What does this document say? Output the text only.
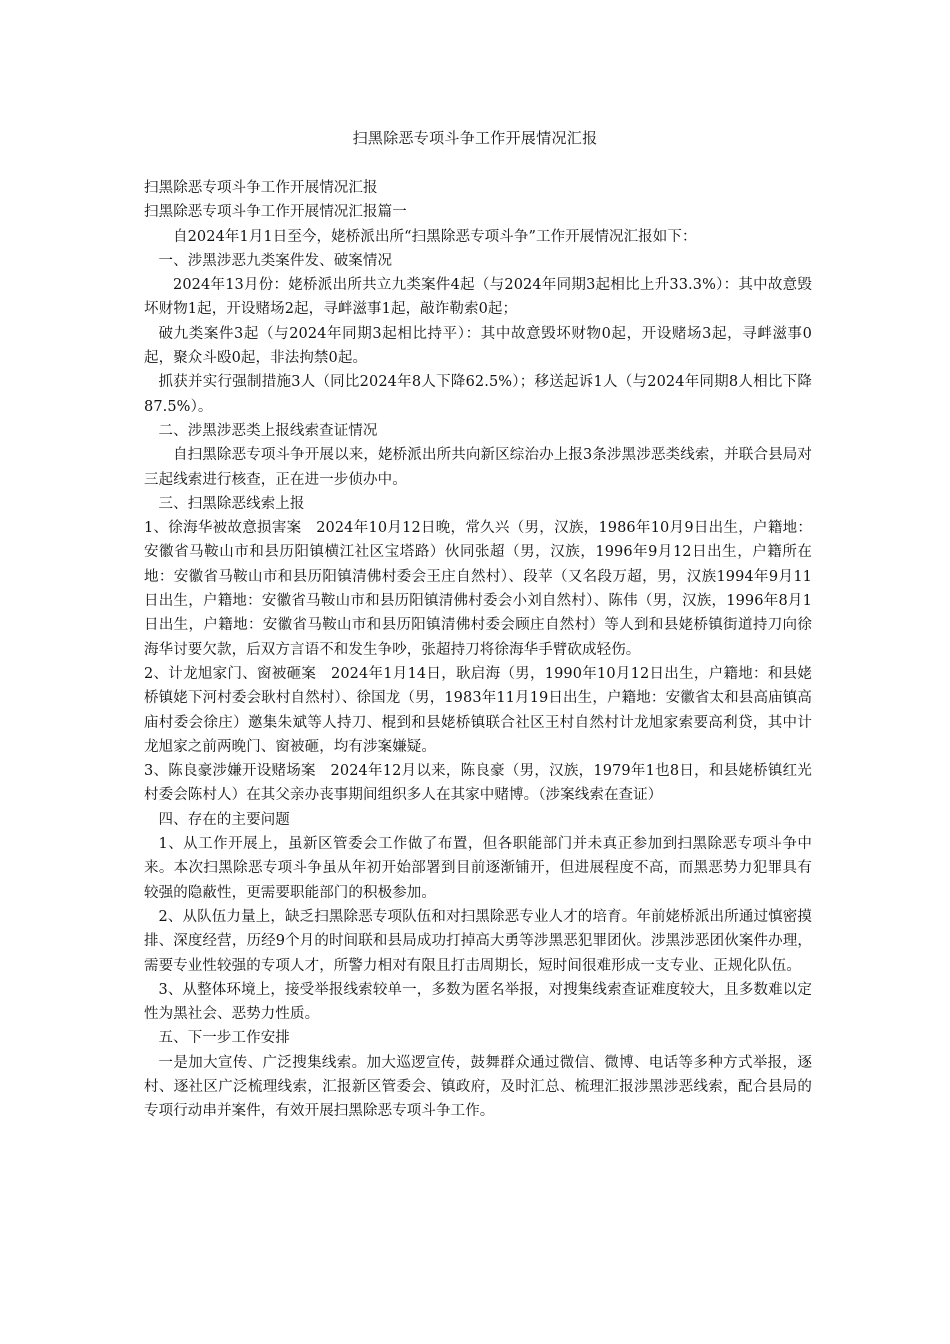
扫黑除恶专项斗争工作开展情况汇报

扫黑除恶专项斗争工作开展情况汇报

扫黑除恶专项斗争工作开展情况汇报篇一

自2024年1月1日至今，姥桥派出所“扫黑除恶专项斗争”工作开展情况汇报如下：

一、涉黑涉恶九类案件发、破案情况

2024年13月份：姥桥派出所共立九类案件4起（与2024年同期3起相比上升33.3%）：其中故意毁坏财物1起，开设赌场2起，寻衅滋事1起，敲诈勒索0起；

破九类案件3起（与2024年同期3起相比持平）：其中故意毁坏财物0起，开设赌场3起，寻衅滋事0起，聚众斗殴0起，非法拘禁0起。

抓获并实行强制措施3人（同比2024年8人下降62.5%）；移送起诉1人（与2024年同期8人相比下降87.5%）。

二、涉黑涉恶类上报线索查证情况

自扫黑除恶专项斗争开展以来，姥桥派出所共向新区综治办上报3条涉黑涉恶类线索，并联合县局对三起线索进行核查，正在进一步侦办中。

三、扫黑除恶线索上报

1、徐海华被故意损害案　2024年10月12日晚，常久兴（男，汉族，1986年10月9日出生，户籍地：安徽省马鞍山市和县历阳镇横江社区宝塔路）伙同张超（男，汉族，1996年9月12日出生，户籍所在地：安徽省马鞍山市和县历阳镇清佛村委会王庄自然村）、段苹（又名段万超，男，汉族1994年9月11日出生，户籍地：安徽省马鞍山市和县历阳镇清佛村委会小刘自然村）、陈伟（男，汉族，1996年8月1日出生，户籍地：安徽省马鞍山市和县历阳镇清佛村委会顾庄自然村）等人到和县姥桥镇街道持刀向徐海华讨要欠款，后双方言语不和发生争吵，张超持刀将徐海华手臂砍成轻伤。

2、计龙旭家门、窗被砸案　2024年1月14日，耿启海（男，1990年10月12日出生，户籍地：和县姥桥镇姥下河村委会耿村自然村）、徐国龙（男，1983年11月19日出生，户籍地：安徽省太和县高庙镇高庙村委会徐庄）邀集朱斌等人持刀、棍到和县姥桥镇联合社区王村自然村计龙旭家索要高利贷，其中计龙旭家之前两晚门、窗被砸，均有涉案嫌疑。

3、陈良豪涉嫌开设赌场案　2024年12月以来，陈良豪（男，汉族，1979年1也8日，和县姥桥镇红光村委会陈村人）在其父亲办丧事期间组织多人在其家中赌博。（涉案线索在查证）

四、存在的主要问题

1、从工作开展上，虽新区管委会工作做了布置，但各职能部门并未真正参加到扫黑除恶专项斗争中来。本次扫黑除恶专项斗争虽从年初开始部署到目前逐渐铺开，但进展程度不高，而黑恶势力犯罪具有较强的隐蔽性，更需要职能部门的积极参加。

2、从队伍力量上，缺乏扫黑除恶专项队伍和对扫黑除恶专业人才的培育。年前姥桥派出所通过慎密摸排、深度经营，历经9个月的时间联和县局成功打掉高大勇等涉黑恶犯罪团伙。涉黑涉恶团伙案件办理，需要专业性较强的专项人才，所警力相对有限且打击周期长，短时间很难形成一支专业、正规化队伍。

3、从整体环境上，接受举报线索较单一，多数为匿名举报，对搜集线索查证难度较大，且多数难以定性为黑社会、恶势力性质。

五、下一步工作安排

一是加大宣传、广泛搜集线索。加大巡逻宣传，鼓舞群众通过微信、微博、电话等多种方式举报，逐村、逐社区广泛梳理线索，汇报新区管委会、镇政府，及时汇总、梳理汇报涉黑涉恶线索，配合县局的专项行动串并案件，有效开展扫黑除恶专项斗争工作。
